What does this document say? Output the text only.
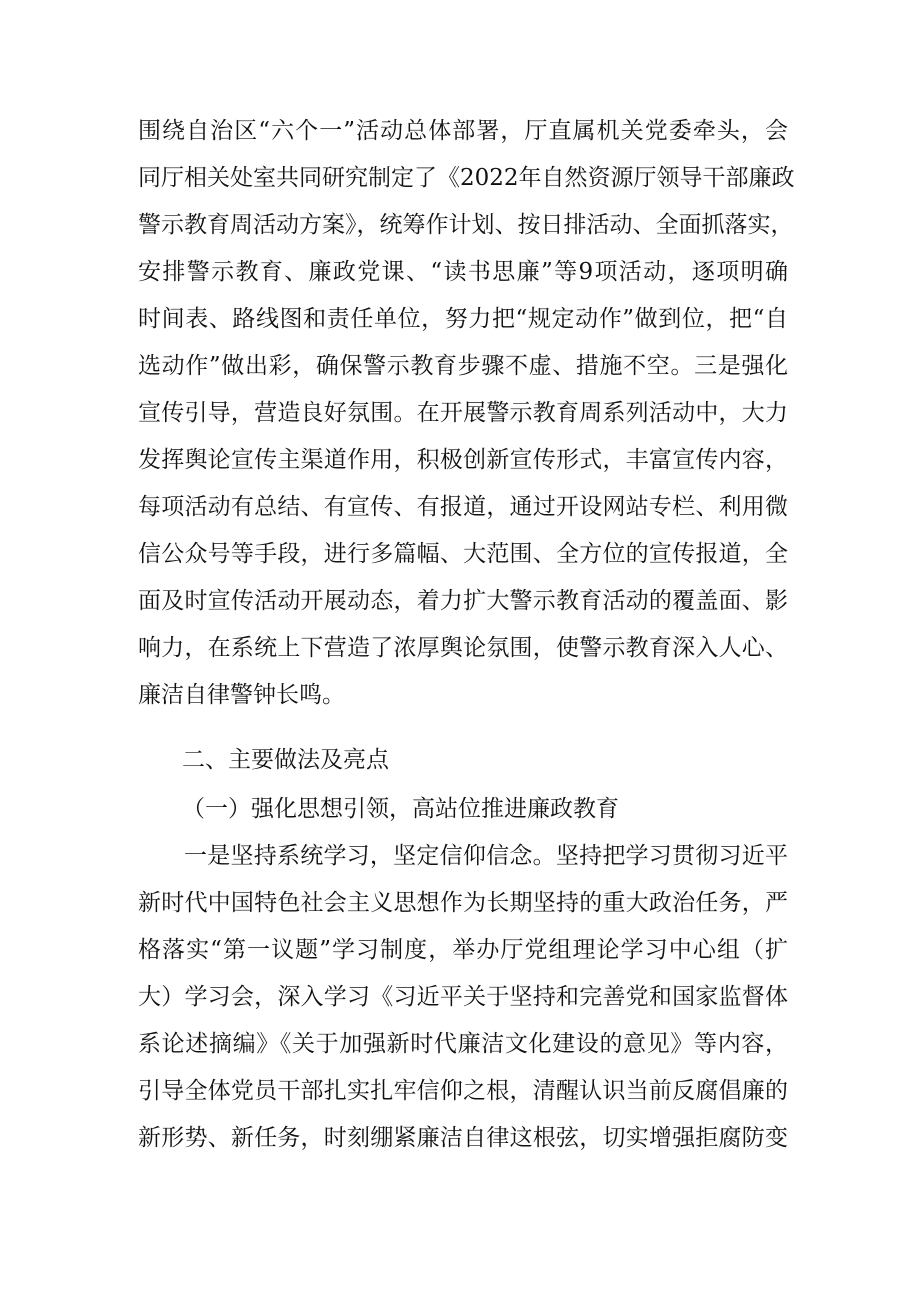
围绕自治区“六个一”活动总体部署，厅直属机关党委牵头，会
同厅相关处室共同研究制定了《2022年自然资源厅领导干部廉政
警示教育周活动方案》，统筹作计划、按日排活动、全面抓落实，
安排警示教育、廉政党课、“读书思廉”等9项活动，逐项明确
时间表、路线图和责任单位，努力把“规定动作”做到位，把“自
选动作”做出彩，确保警示教育步骤不虚、措施不空。三是强化
宣传引导，营造良好氛围。在开展警示教育周系列活动中，大力
发挥舆论宣传主渠道作用，积极创新宣传形式，丰富宣传内容，
每项活动有总结、有宣传、有报道，通过开设网站专栏、利用微
信公众号等手段，进行多篇幅、大范围、全方位的宣传报道，全
面及时宣传活动开展动态，着力扩大警示教育活动的覆盖面、影
响力，在系统上下营造了浓厚舆论氛围，使警示教育深入人心、
廉洁自律警钟长鸣。
二、主要做法及亮点
（一）强化思想引领，高站位推进廉政教育
一是坚持系统学习，坚定信仰信念。坚持把学习贯彻习近平
新时代中国特色社会主义思想作为长期坚持的重大政治任务，严
格落实“第一议题”学习制度，举办厅党组理论学习中心组（扩
大）学习会，深入学习《习近平关于坚持和完善党和国家监督体
系论述摘编》《关于加强新时代廉洁文化建设的意见》等内容，
引导全体党员干部扎实扎牢信仰之根，清醒认识当前反腐倡廉的
新形势、新任务，时刻绷紧廉洁自律这根弦，切实增强拒腐防变
